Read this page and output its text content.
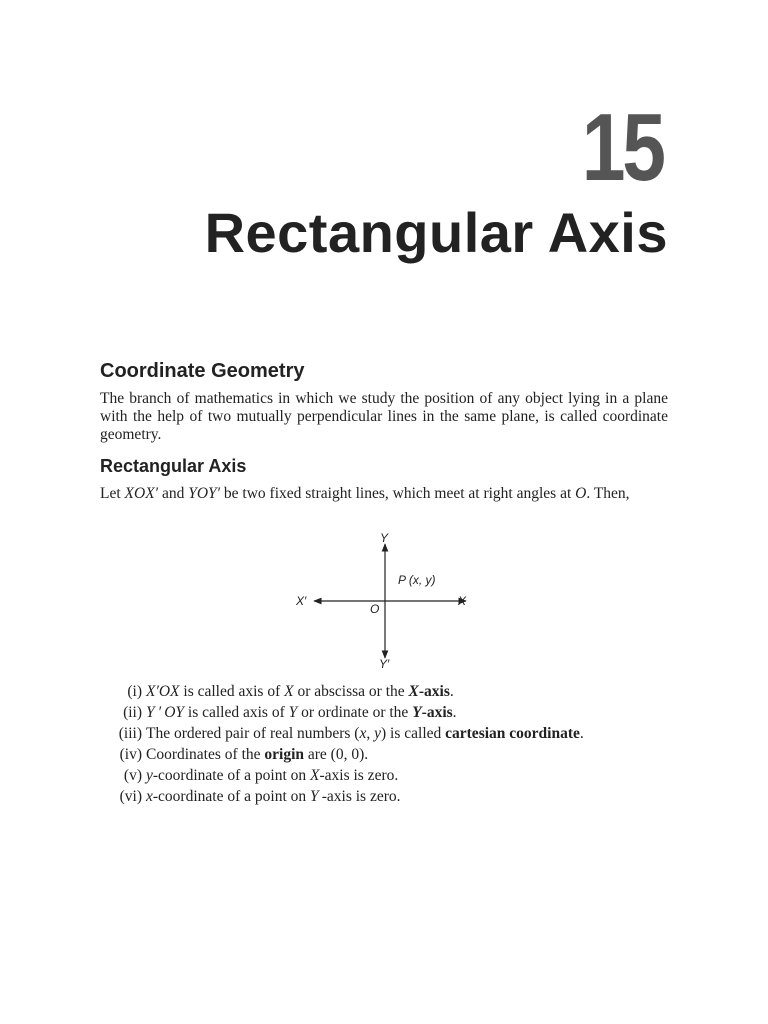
15
Rectangular Axis
Coordinate Geometry

The branch of mathematics in which we study the position of any object lying in a plane with the help of two mutually perpendicular lines in the same plane, is called coordinate geometry.

Rectangular Axis

Let XOX′ and YOY′ be two fixed straight lines, which meet at right angles at O. Then,

Y
Y′
X′	X
O
P (x, y)
(i) X′OX is called axis of X or abscissa or the X-axis.
(ii) Y ′ OY is called axis of Y or ordinate or the Y-axis.
(iii) The ordered pair of real numbers (x, y) is called cartesian coordinate.
(iv) Coordinates of the origin are (0, 0).
(v) y-coordinate of a point on X-axis is zero.
(vi) x-coordinate of a point on Y -axis is zero.
